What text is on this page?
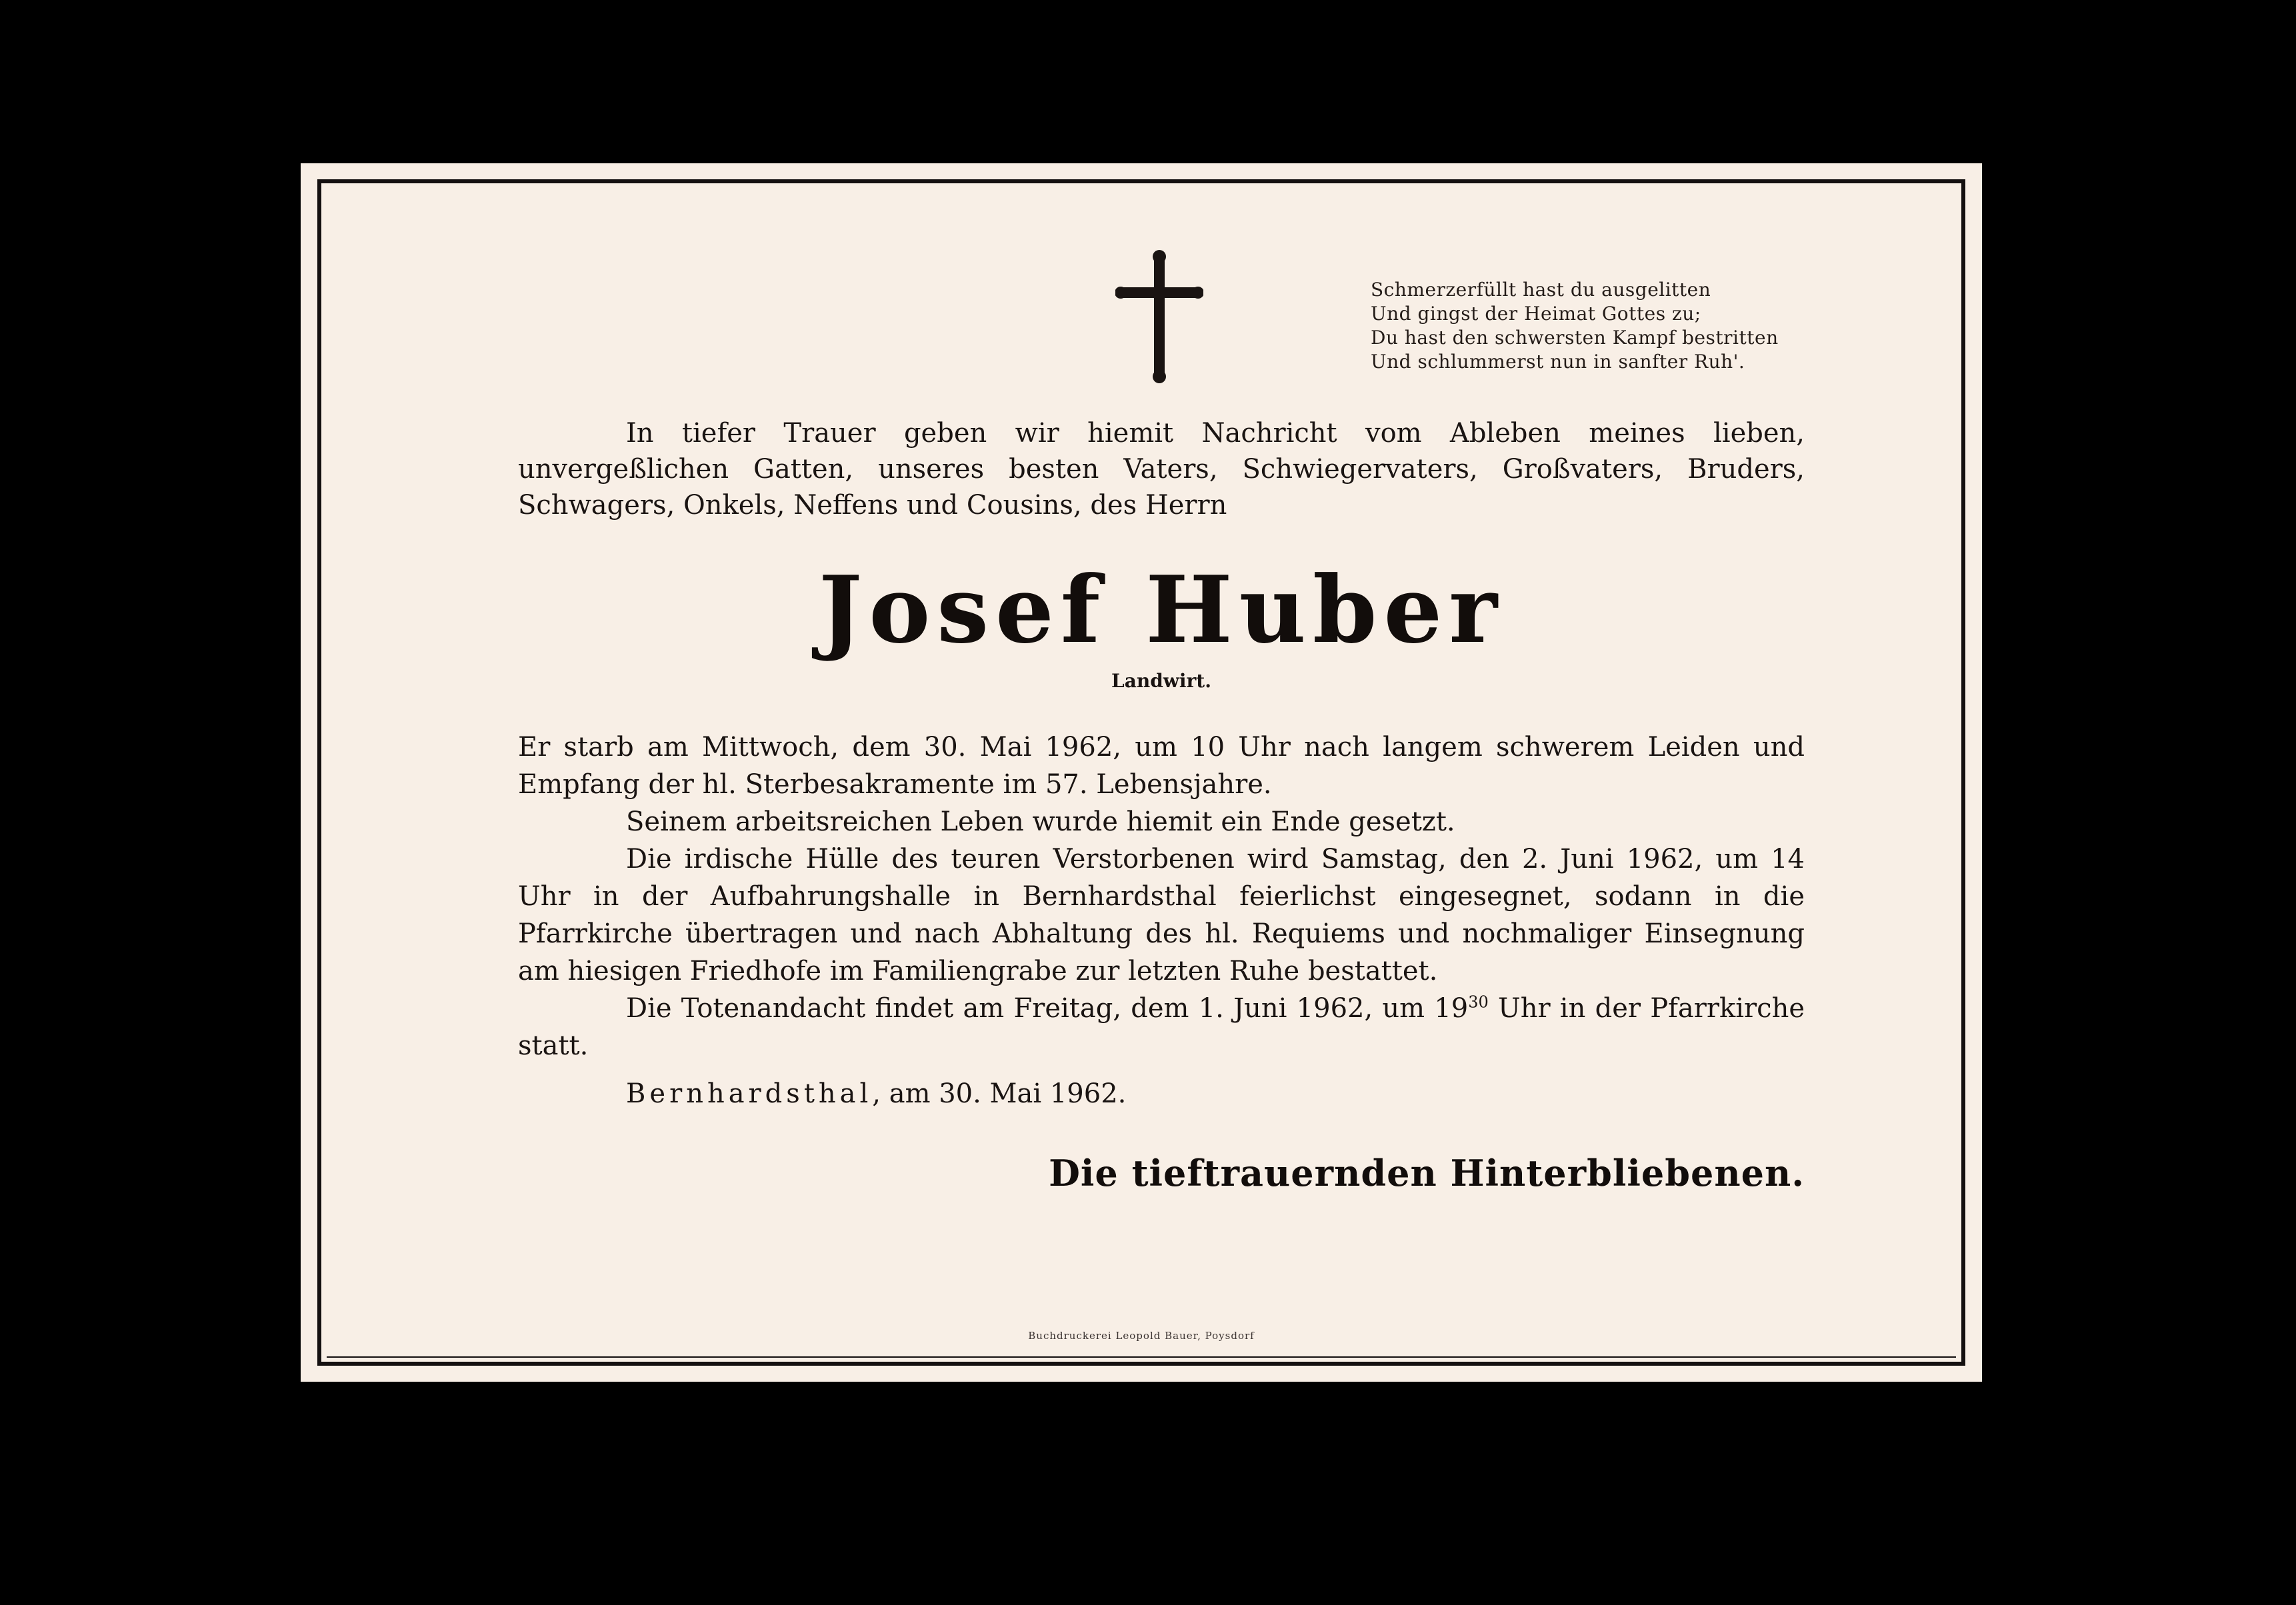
Schmerzerfüllt hast du ausgelitten
Und gingst der Heimat Gottes zu;
Du hast den schwersten Kampf bestritten
Und schlummerst nun in sanfter Ruh'.
In tiefer Trauer geben wir hiemit Nachricht vom Ableben meines lieben, unvergeßlichen Gatten, unseres besten Vaters, Schwiegervaters, Großvaters, Bruders, Schwagers, Onkels, Neffens und Cousins, des Herrn
Josef Huber
Landwirt.

Er starb am Mittwoch, dem 30. Mai 1962, um 10 Uhr nach langem schwerem Leiden und Empfang der hl. Sterbesakramente im 57. Lebensjahre.

Seinem arbeitsreichen Leben wurde hiemit ein Ende gesetzt.

Die irdische Hülle des teuren Verstorbenen wird Samstag, den 2. Juni 1962, um 14 Uhr in der Aufbahrungshalle in Bernhardsthal feierlichst eingesegnet, sodann in die Pfarrkirche übertragen und nach Abhaltung des hl. Requiems und nochmaliger Einsegnung am hiesigen Friedhofe im Familiengrabe zur letzten Ruhe bestattet.

Die Totenandacht findet am Freitag, dem 1. Juni 1962, um $19^{30}$ Uhr in der Pfarrkirche statt.

Bernhardsthal, am 30. Mai 1962.
Die tieftrauernden Hinterbliebenen.
Buchdruckerei Leopold Bauer, Poysdorf
